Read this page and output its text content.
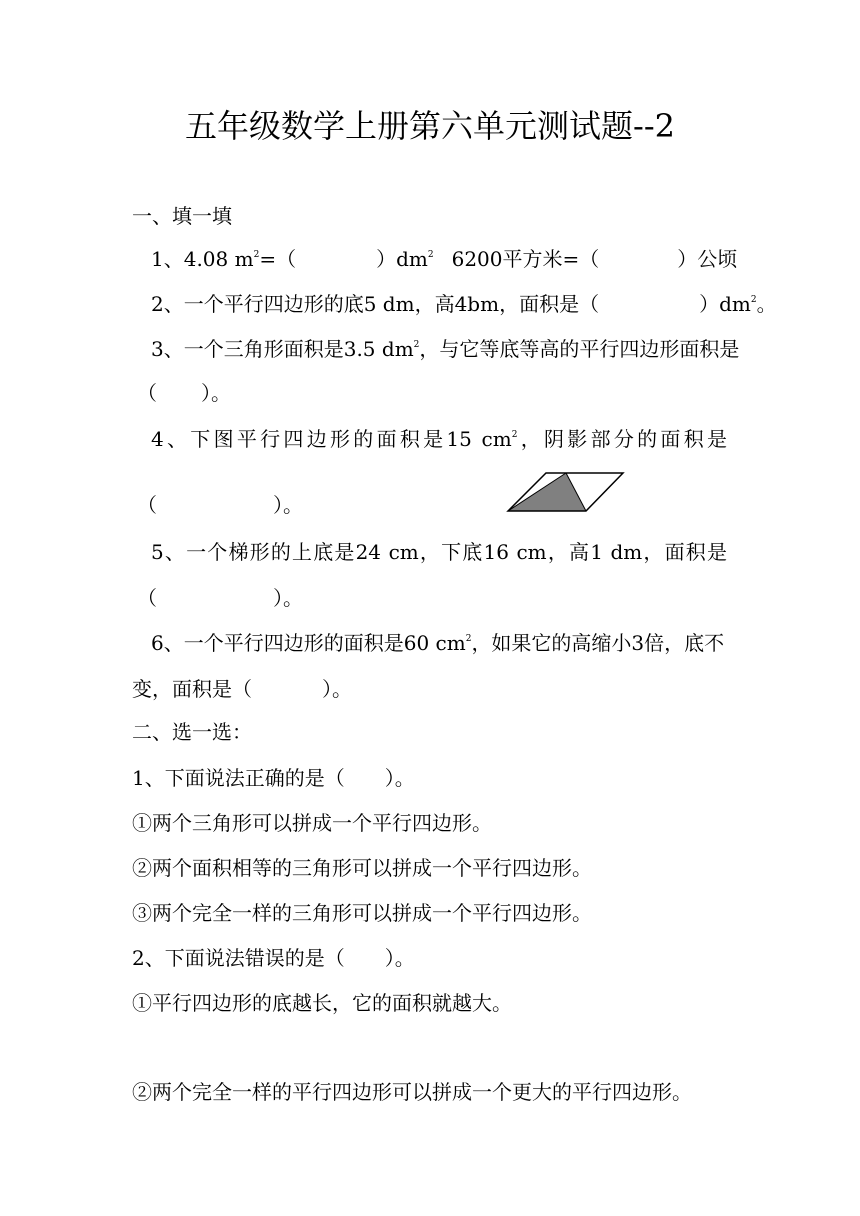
五年级数学上册第六单元测试题--2
一、填一填
1、4.08 $m^2=$（	）$dm^2$ 6200平方米=（	）公顷
2、一个平行四边形的底5 dm，高4bm，面积是（	）$dm^2$。
3、一个三角形面积是3.5 $dm^2$，与它等底等高的平行四边形面积是
（ ）。
4、下图平行四边形的面积是15 $cm^2$，阴影部分的面积是
（	）。
5、一个梯形的上底是24 cm，下底16 cm，高1 dm，面积是
（	）。
6、一个平行四边形的面积是60 $cm^2$，如果它的高缩小3倍，底不
变，面积是（	）。
二、选一选：
1、下面说法正确的是（　　）。
①两个三角形可以拼成一个平行四边形。
②两个面积相等的三角形可以拼成一个平行四边形。
③两个完全一样的三角形可以拼成一个平行四边形。
2、下面说法错误的是（　　）。
①平行四边形的底越长，它的面积就越大。
②两个完全一样的平行四边形可以拼成一个更大的平行四边形。
